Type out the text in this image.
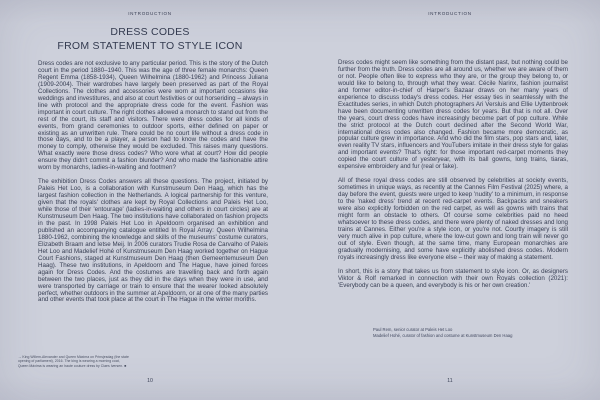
INTRODUCTION
DRESS CODES
FROM STATEMENT TO STYLE ICON

Dress codes are not exclusive to any particular period. This is the story of the Dutch court in the period 1880–1940. This was the age of three female monarchs: Queen Regent Emma (1858-1934), Queen Wilhelmina (1880-1962) and Princess Juliana (1909-2004). Their wardrobes have largely been preserved as part of the Royal Collections. The clothes and accessories were worn at important occasions like weddings and investitures, and also at court festivities or out horseriding – always in line with protocol and the appropriate dress code for the event. Fashion was important in court culture. The right clothes allowed a monarch to stand out from the rest of the court, its staff and visitors. There were dress codes for all kinds of events, from grand ceremonies to outdoor sports, either defined on paper or existing as an unwritten rule. There could be no court life without a dress code in those days, and to be a player, a person had to know the codes and have the money to comply, otherwise they would be excluded. This raises many questions. What exactly were those dress codes? Who wore what at court? How did people ensure they didn't commit a fashion blunder? And who made the fashionable attire worn by monarchs, ladies-in-waiting and footmen?

The exhibition Dress Codes answers all these questions. The project, initiated by Paleis Het Loo, is a collaboration with Kunstmuseum Den Haag, which has the largest fashion collection in the Netherlands. A logical partnership for this venture, given that the royals' clothes are kept by Royal Collections and Paleis Het Loo, while those of their 'entourage' (ladies-in-waiting and others in court circles) are at Kunstmuseum Den Haag. The two institutions have collaborated on fashion projects in the past. In 1998 Paleis Het Loo in Apeldoorn organised an exhibition and published an accompanying catalogue entitled In Royal Array: Queen Wilhelmina 1880-1962, combining the knowledge and skills of the museums' costume curators, Elizabeth Braam and Ietse Meij. In 2006 curators Trudie Rosa de Carvalho of Paleis Het Loo and Madelief Hohé of Kunstmuseum Den Haag worked together on Hague Court Fashions, staged at Kunstmuseum Den Haag (then Gemeentemuseum Den Haag). These two institutions, in Apeldoorn and The Hague, have joined forces again for Dress Codes. And the costumes are travelling back and forth again between the two places, just as they did in the days when they were in use, and were transported by carriage or train to ensure that the wearer looked absolutely perfect, whether outdoors in the summer at Apeldoorn, or at one of the many parties and other events that took place at the court in The Hague in the winter months.

→ King Willem-Alexander and Queen Máxima on Prinsjesdag (the state opening of parliament), 2016. The king is wearing a morning coat, Queen Máxima is wearing an haute couture dress by Claes Iversen. ■
10
INTRODUCTION

Dress codes might seem like something from the distant past, but nothing could be further from the truth. Dress codes are all around us, whether we are aware of them or not. People often like to express who they are, or the group they belong to, or would like to belong to, through what they wear. Cécile Narinx, fashion journalist and former editor-in-chief of Harper's Bazaar draws on her many years of experience to discuss today's dress codes. Her essay ties in seamlessly with the Exactitudes series, in which Dutch photographers Ari Versluis and Ellie Uyttenbroek have been documenting unwritten dress codes for years. But that is not all. Over the years, court dress codes have increasingly become part of pop culture. While the strict protocol at the Dutch court declined after the Second World War, international dress codes also changed. Fashion became more democratic, as popular culture grew in importance. And who did the film stars, pop stars and, later, even reality TV stars, influencers and YouTubers imitate in their dress style for galas and important events? That's right: for those important red-carpet moments they copied the court culture of yesteryear, with its ball gowns, long trains, tiaras, expensive embroidery and fur (real or fake).

All of these royal dress codes are still observed by celebrities at society events, sometimes in unique ways, as recently at the Cannes Film Festival (2025) where, a day before the event, guests were urged to keep 'nudity' to a minimum, in response to the 'naked dress' trend at recent red-carpet events. Backpacks and sneakers were also explicitly forbidden on the red carpet, as well as gowns with trains that might form an obstacle to others. Of course some celebrities paid no heed whatsoever to these dress codes, and there were plenty of naked dresses and long trains at Cannes. Either you're a style icon, or you're not. Courtly imagery is still very much alive in pop culture, where the low-cut gown and long train will never go out of style. Even though, at the same time, many European monarchies are gradually modernising, and some have explicitly abolished dress codes. Modern royals increasingly dress like everyone else – their way of making a statement.

In short, this is a story that takes us from statement to style icon. Or, as designers Viktor & Rolf remarked in connection with their own Royals collection (2021): 'Everybody can be a queen, and everybody is his or her own creation.'

Paul Rem, senior curator at Paleis Het Loo
Madelief Hohé, curator of fashion and costume at Kunstmuseum Den Haag
11
